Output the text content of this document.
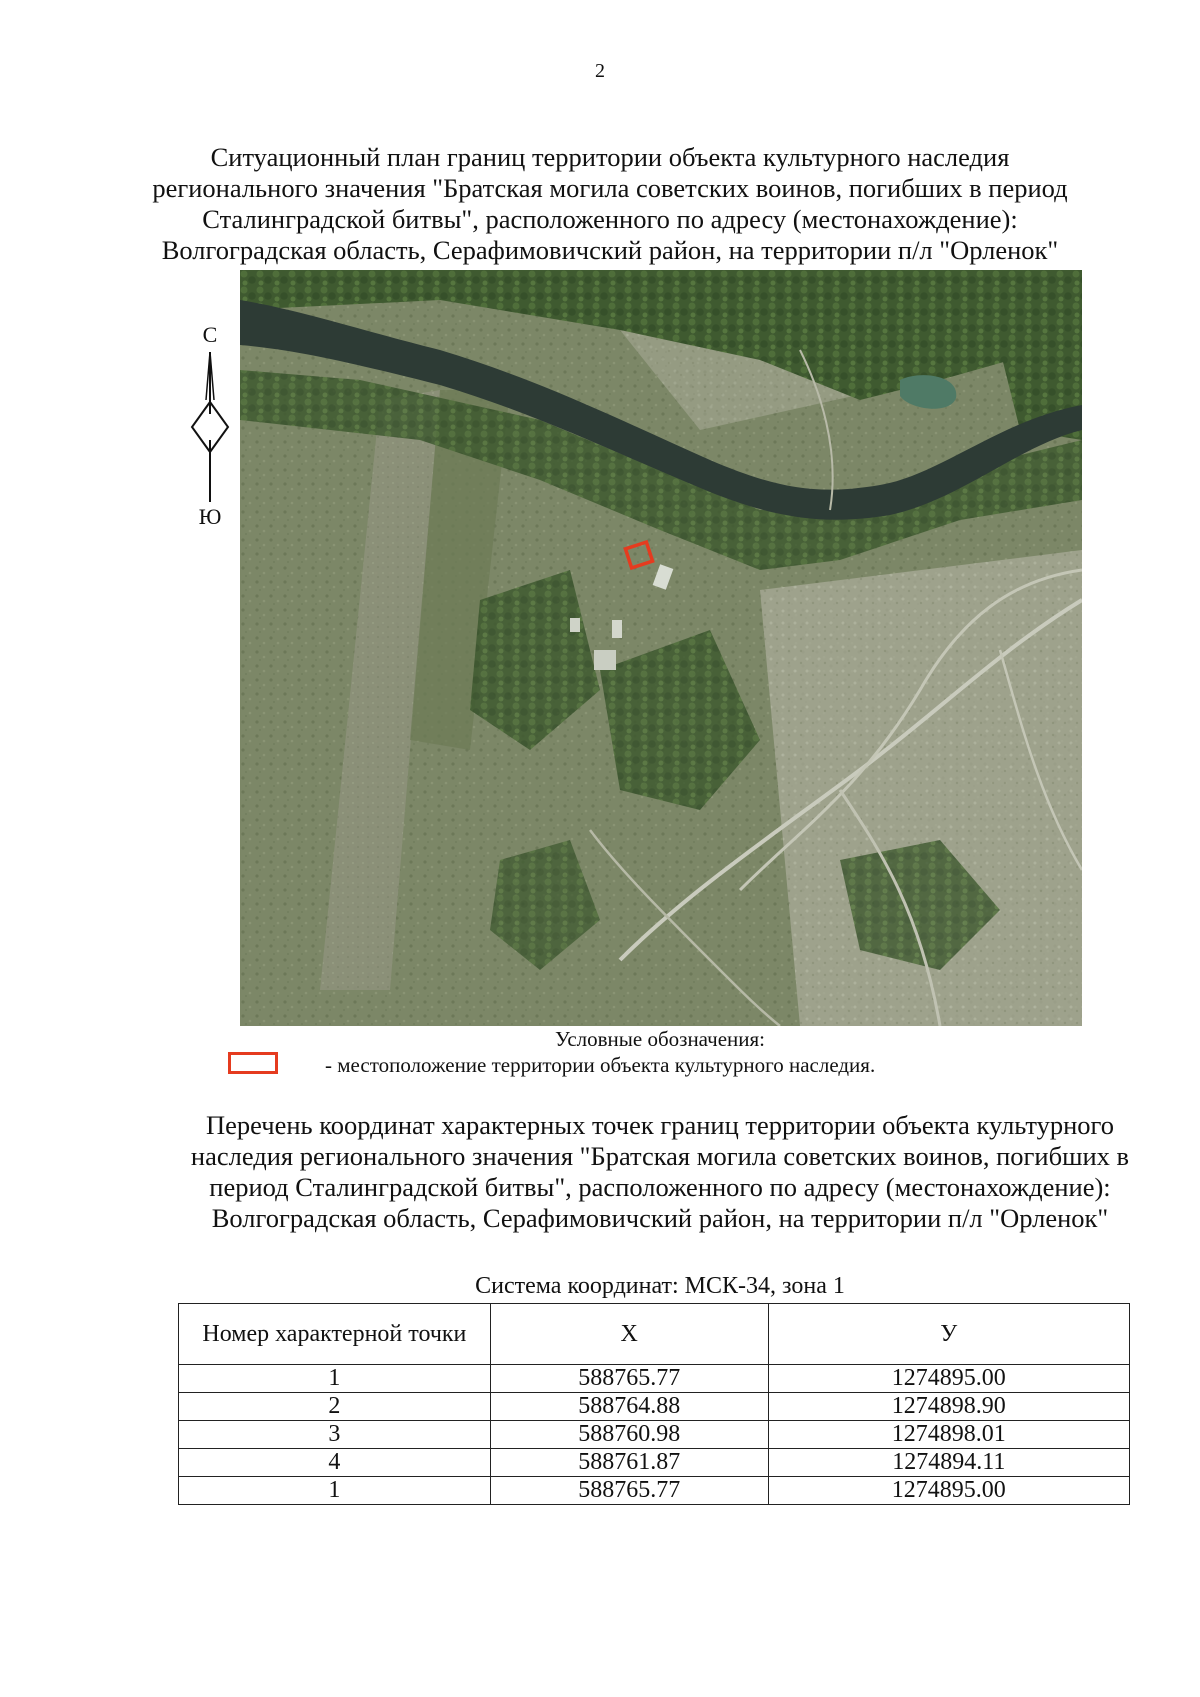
2
Ситуационный план границ территории объекта культурного наследия регионального значения "Братская могила советских воинов, погибших в период Сталинградской битвы", расположенного по адресу (местонахождение): Волгоградская область, Серафимовичский район, на территории п/л "Орленок"
С
Ю
Условные обозначения:
- местоположение территории объекта культурного наследия.
Перечень координат характерных точек границ территории объекта культурного наследия регионального значения "Братская могила советских воинов, погибших в период Сталинградской битвы", расположенного по адресу (местонахождение): Волгоградская область, Серафимовичский район, на территории п/л "Орленок"
Система координат: МСК-34, зона 1
Номер характерной точки	X	У
1	588765.77	1274895.00
2	588764.88	1274898.90
3	588760.98	1274898.01
4	588761.87	1274894.11
1	588765.77	1274895.00
